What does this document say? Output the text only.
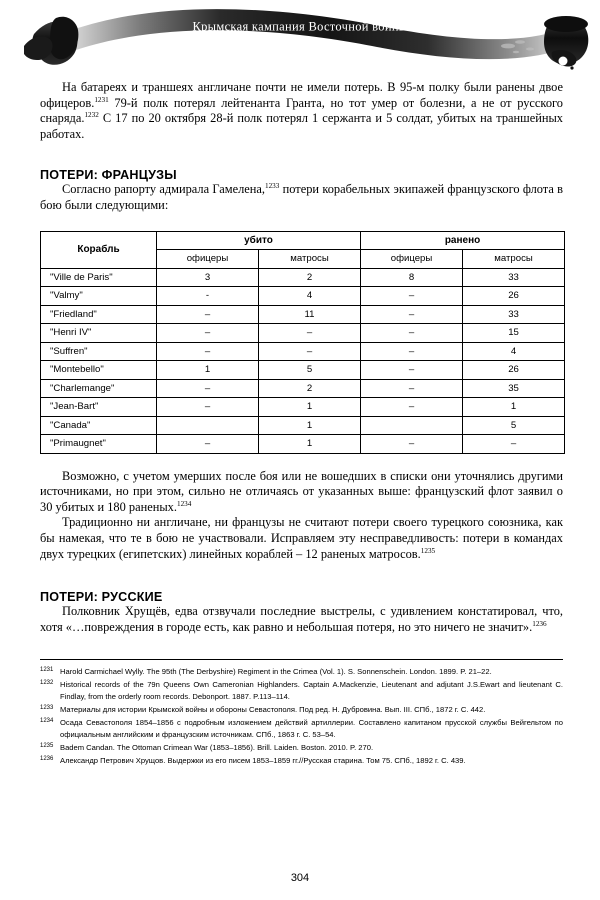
Крымская кампания Восточной войны

На батареях и траншеях англичане почти не имели потерь. В 95-м полку были ранены двое офицеров.$^{1231}$ 79-й полк потерял лейтенанта Гранта, но тот умер от болезни, а не от русского снаряда.$^{1232}$ С 17 по 20 октября 28-й полк потерял 1 сержанта и 5 солдат, убитых на траншейных работах.

ПОТЕРИ: ФРАНЦУЗЫ

Согласно рапорту адмирала Гамелена,$^{1233}$ потери корабельных экипажей французского флота в бою были следующими:

Корабль	убито		ранено	
	офицеры	матросы	офицеры	матросы
"Ville de Paris"	3	2	8	33
"Valmy"	-	4	–	26
"Friedland"	–	11	–	33
"Henri IV"	–	–	–	15
"Suffren"	–	–	–	4
"Montebello"	1	5	–	26
"Charlemange"	–	2	–	35
"Jean-Bart"	–	1	–	1
"Canada"		1		5
"Primaugnet"	–	1	–	–

Возможно, с учетом умерших после боя или не вошедших в списки они уточнялись другими источниками, но при этом, сильно не отличаясь от указанных выше: французский флот заявил о 30 убитых и 180 раненых.$^{1234}$

Традиционно ни англичане, ни французы не считают потери своего турецкого союзника, как бы намекая, что те в бою не участвовали. Исправляем эту несправедливость: потери в командах двух турецких (египетских) линейных кораблей – 12 раненых матросов.$^{1235}$

ПОТЕРИ: РУССКИЕ

Полковник Хрущёв, едва отзвучали последние выстрелы, с удивлением констатировал, что, хотя «…повреждения в городе есть, как равно и небольшая потеря, но это ничего не значит».$^{1236}$

1231 Harold Carmichael Wylly. The 95th (The Derbyshire) Regiment in the Crimea (Vol. 1). S. Sonnenschein. London. 1899. P. 21–22.
1232 Historical records of the 79n Queens Own Cameronian Highlanders. Captain A.Mackenzie, Lieutenant and adjutant J.S.Ewart and lieutenant C. Findlay, from the orderly room records. Debonport. 1887. P.113–114.
1233 Материалы для истории Крымской войны и обороны Севастополя. Под ред. Н. Дубровина. Вып. III. СПб., 1872 г. С. 442.
1234 Осада Севастополя 1854–1856 с подробным изложением действий артиллерии. Составлено капитаном прусской службы Вейгельтом по официальным английским и французским источникам. СПб., 1863 г. С. 53–54.
1235 Badem Candan. The Ottoman Crimean War (1853–1856). Brill. Laiden. Boston. 2010. P. 270.
1236 Александр Петрович Хрущов. Выдержки из его писем 1853–1859 гг.//Русская старина. Том 75. СПб., 1892 г. С. 439.
304
